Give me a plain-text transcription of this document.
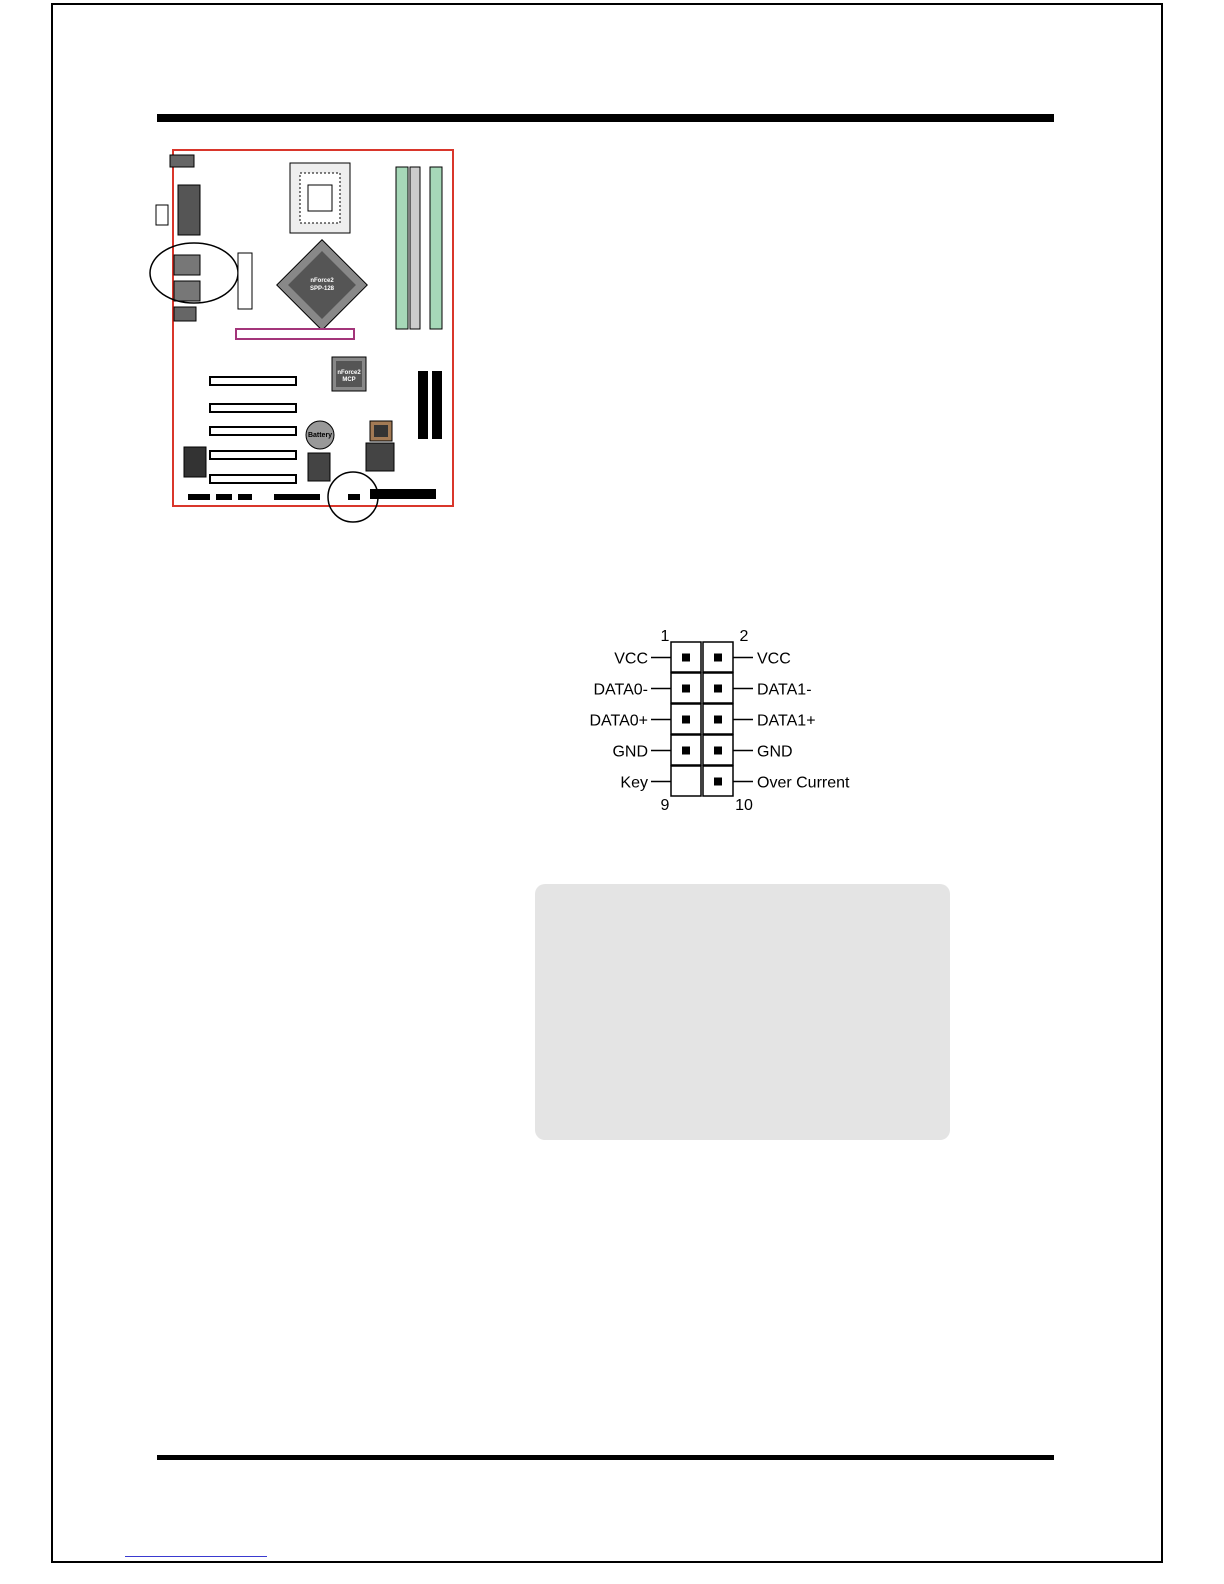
nForce2
SPP-128
nForce2
MCP
Battery
1	2
9	10
VCC	VCC
DATA0-	DATA1-
DATA0+	DATA1+
GND	GND
Key	Over Current
